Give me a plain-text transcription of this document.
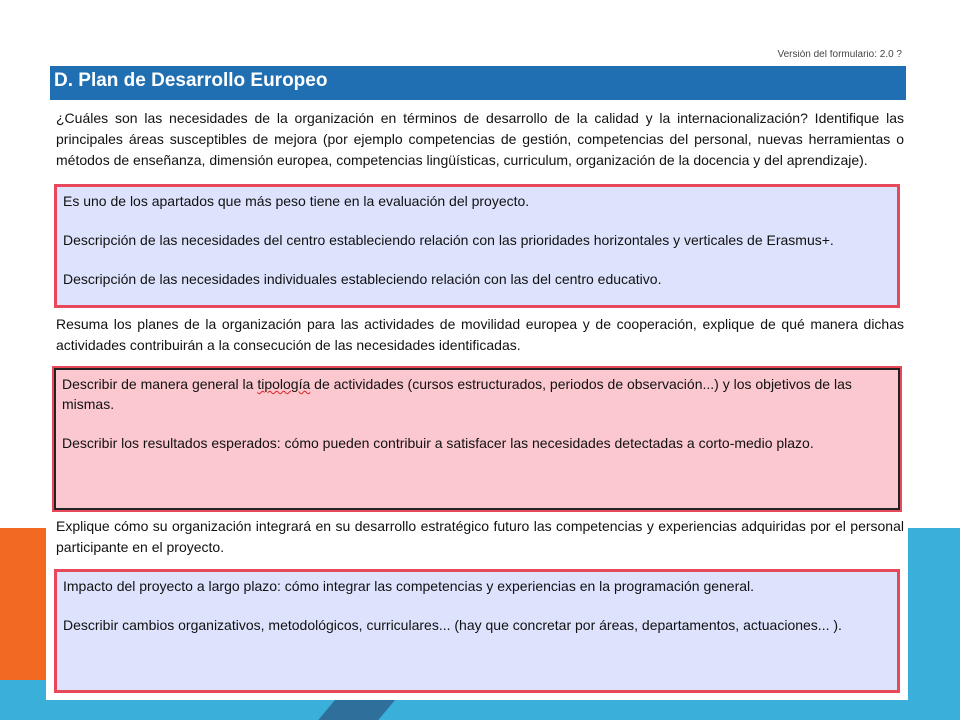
Versión del formulario: 2.0 ?
D. Plan de Desarrollo Europeo
¿Cuáles son las necesidades de la organización en términos de desarrollo de la calidad y la internacionalización? Identifique las principales áreas susceptibles de mejora (por ejemplo competencias de gestión, competencias del personal, nuevas herramientas o métodos de enseñanza, dimensión europea, competencias lingüísticas, curriculum, organización de la docencia y del aprendizaje).

Es uno de los apartados que más peso tiene en la evaluación del proyecto.

Descripción de las necesidades del centro estableciendo relación con las prioridades horizontales y verticales de Erasmus+.

Descripción de las necesidades individuales estableciendo relación con las del centro educativo.

Resuma los planes de la organización para las actividades de movilidad europea y de cooperación, explique de qué manera dichas actividades contribuirán a la consecución de las necesidades identificadas.

Describir de manera general la tipología de actividades (cursos estructurados, periodos de observación...) y los objetivos de las mismas.

Describir los resultados esperados: cómo pueden contribuir a satisfacer las necesidades detectadas a corto-medio plazo.

Explique cómo su organización integrará en su desarrollo estratégico futuro las competencias y experiencias adquiridas por el personal participante en el proyecto.

Impacto del proyecto a largo plazo: cómo integrar las competencias y experiencias en la programación general.

Describir cambios organizativos, metodológicos, curriculares... (hay que concretar por áreas, departamentos, actuaciones... ).
